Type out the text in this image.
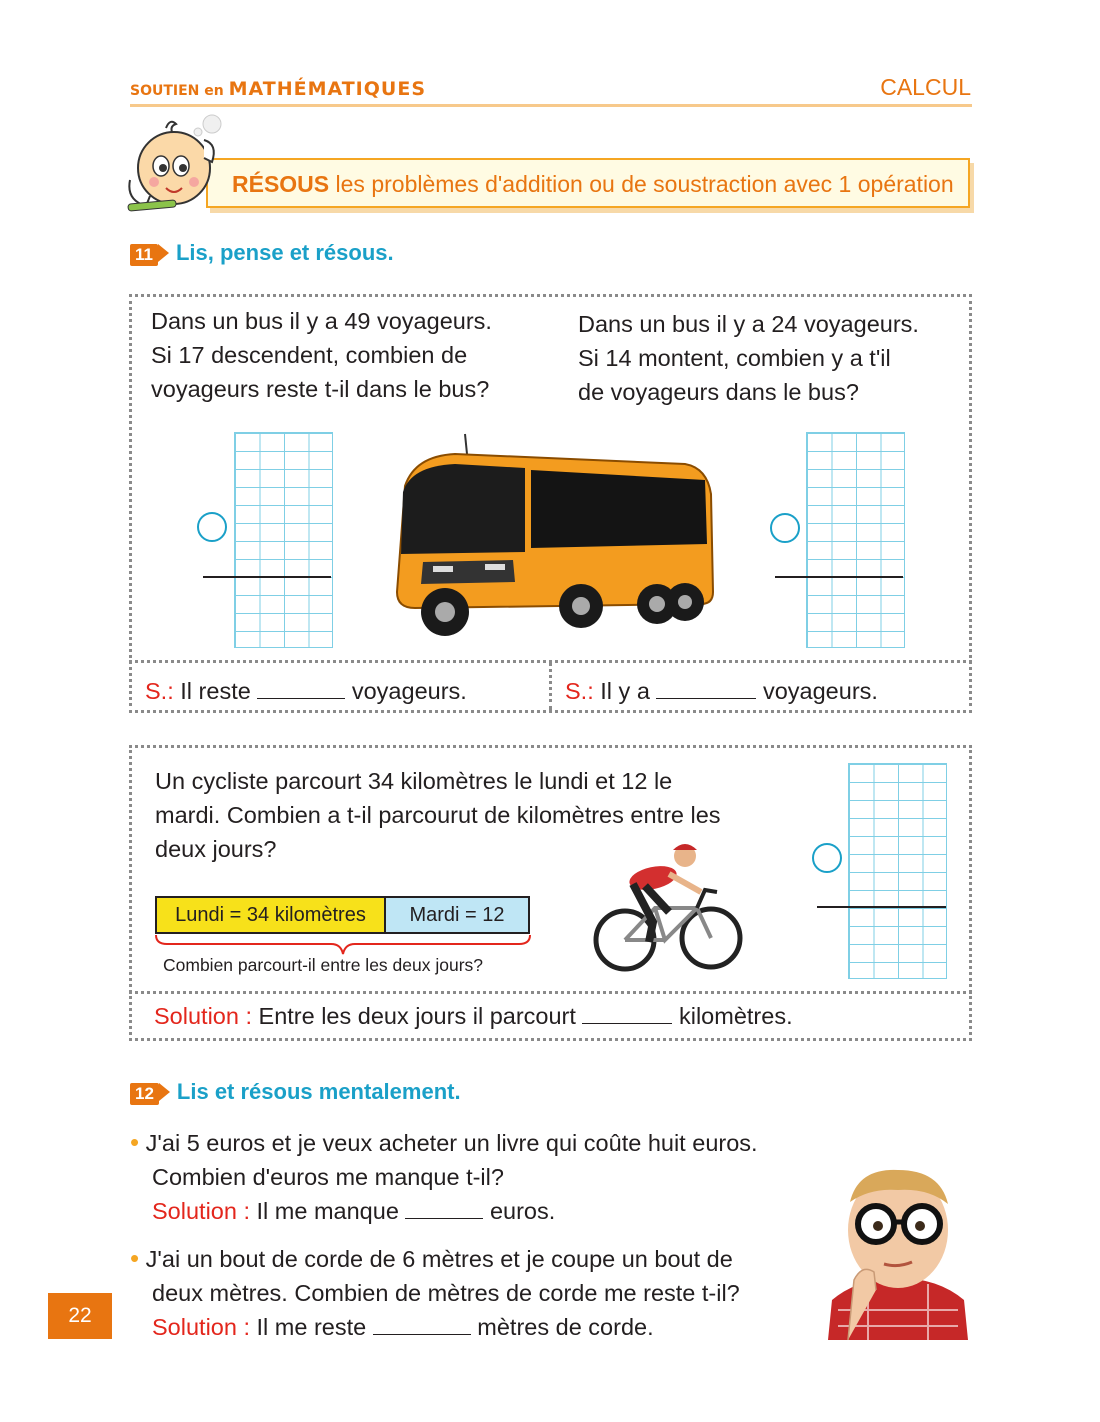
SOUTIEN en MATHÉMATIQUES	CALCUL
RÉSOUS les problèmes d'addition ou de soustraction avec 1 opération
11 Lis, pense et résous.
Dans un bus il y a 49 voyageurs.
Si 17 descendent, combien de
voyageurs reste t-il dans le bus?
Dans un bus il y a 24 voyageurs.
Si 14 montent, combien y a t'il
de voyageurs dans le bus?
S.: Il reste	voyageurs.	S.: Il y a	voyageurs.
Un cycliste parcourt 34 kilomètres le lundi et 12 le
mardi. Combien a t-il parcourut de kilomètres entre les
deux jours?
Lundi = 34 kilomètres	Mardi = 12
Combien parcourt-il entre les deux jours?
Solution : Entre les deux jours il parcourt	kilomètres.
12 Lis et résous mentalement.
• J'ai 5 euros et je veux acheter un livre qui coûte huit euros.
Combien d'euros me manque t-il?
Solution : Il me manque	euros.
• J'ai un bout de corde de 6 mètres et je coupe un bout de
deux mètres. Combien de mètres de corde me reste t-il?
Solution : Il me reste	mètres de corde.
22
